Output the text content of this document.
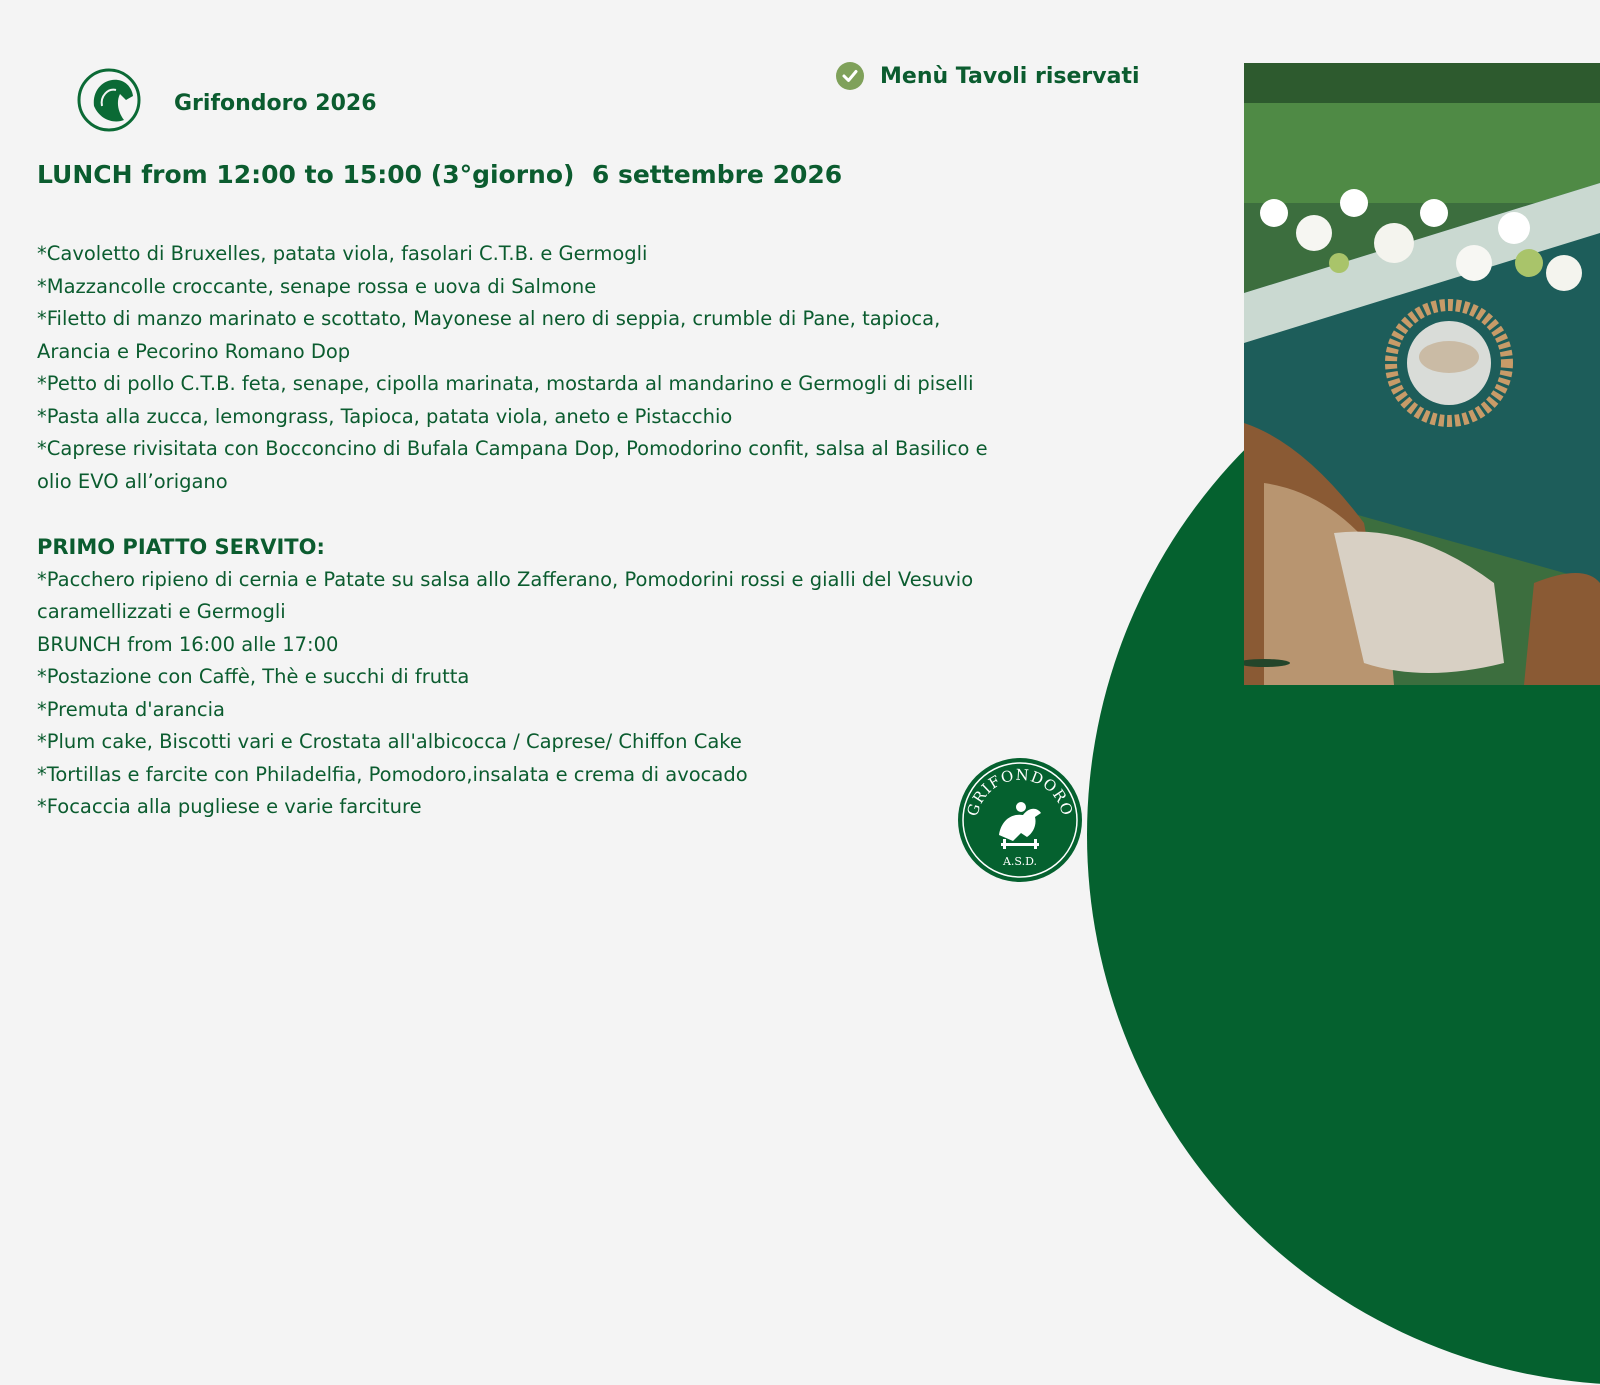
Grifondoro 2026
Menù Tavoli riservati
LUNCH from 12:00 to 15:00 (3°giorno)  6 settembre 2026

*Cavoletto di Bruxelles, patata viola, fasolari C.T.B. e Germogli

*Mazzancolle croccante, senape rossa e uova di Salmone

*Filetto di manzo marinato e scottato, Mayonese al nero di seppia, crumble di Pane, tapioca, Arancia e Pecorino Romano Dop

*Petto di pollo C.T.B. feta, senape, cipolla marinata, mostarda al mandarino e Germogli di piselli

*Pasta alla zucca, lemongrass, Tapioca, patata viola, aneto e Pistacchio

*Caprese rivisitata con Bocconcino di Bufala Campana Dop, Pomodorino confit, salsa al Basilico e olio EVO all’origano

PRIMO PIATTO SERVITO:

*Pacchero ripieno di cernia e Patate su salsa allo Zafferano, Pomodorini rossi e gialli del Vesuvio caramellizzati e Germogli

BRUNCH from 16:00 alle 17:00

*Postazione con Caffè, Thè e succhi di frutta

*Premuta d'arancia

*Plum cake, Biscotti vari e Crostata all'albicocca / Caprese/ Chiffon Cake

*Tortillas e farcite con Philadelfia, Pomodoro,insalata e crema di avocado

*Focaccia alla pugliese e varie farciture	GRIFONDORO
A.S.D.
